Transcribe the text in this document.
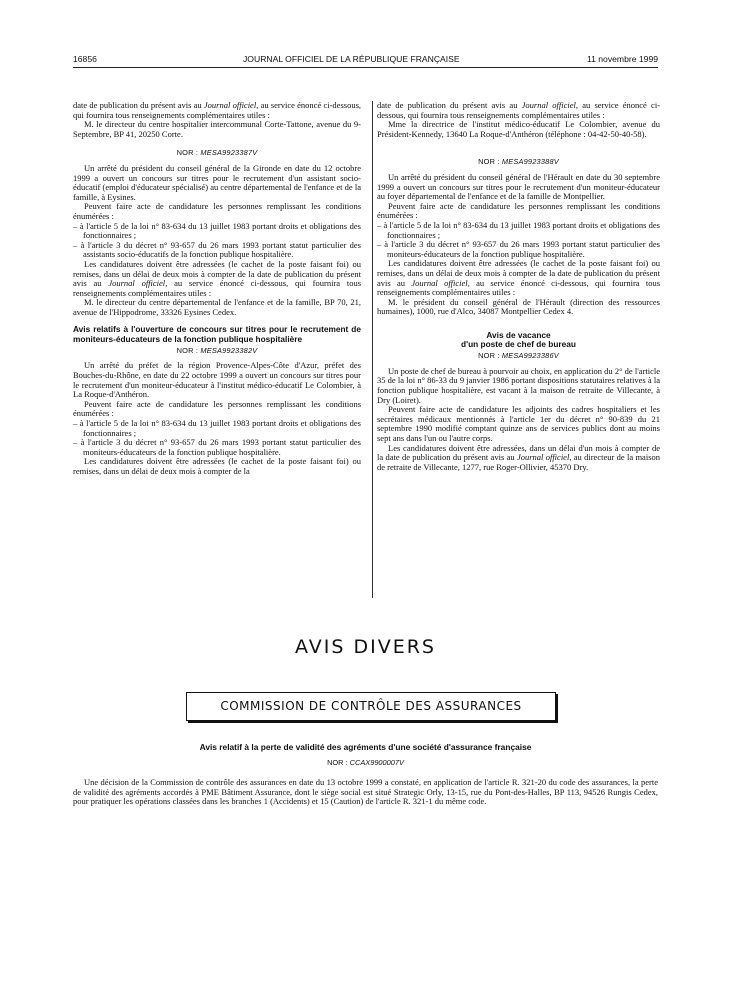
16856	JOURNAL OFFICIEL DE LA RÉPUBLIQUE FRANÇAISE	11 novembre 1999

date de publication du présent avis au Journal officiel, au service énoncé ci-dessous, qui fournira tous renseignements complémentaires utiles :

M. le directeur du centre hospitalier intercommunal Corte-Tattone, avenue du 9-Septembre, BP 41, 20250 Corte.

NOR : MESA9923387V

Un arrêté du président du conseil général de la Gironde en date du 12 octobre 1999 a ouvert un concours sur titres pour le recrutement d'un assistant socio-éducatif (emploi d'éducateur spécialisé) au centre départemental de l'enfance et de la famille, à Eysines.

Peuvent faire acte de candidature les personnes remplissant les conditions énumérées :

– à l'article 5 de la loi n° 83-634 du 13 juillet 1983 portant droits et obligations des fonctionnaires ;

– à l'article 3 du décret n° 93-657 du 26 mars 1993 portant statut particulier des assistants socio-éducatifs de la fonction publique hospitalière.

Les candidatures doivent être adressées (le cachet de la poste faisant foi) ou remises, dans un délai de deux mois à compter de la date de publication du présent avis au Journal officiel, au service énoncé ci-dessous, qui fournira tous renseignements complémentaires utiles :

M. le directeur du centre départemental de l'enfance et de la famille, BP 70, 21, avenue de l'Hippodrome, 33326 Eysines Cedex.

Avis relatifs à l'ouverture de concours sur titres pour le recrutement de moniteurs-éducateurs de la fonction publique hospitalière

NOR : MESA9923382V

Un arrêté du préfet de la région Provence-Alpes-Côte d'Azur, préfet des Bouches-du-Rhône, en date du 22 octobre 1999 a ouvert un concours sur titres pour le recrutement d'un moniteur-éducateur à l'institut médico-éducatif Le Colombier, à La Roque-d'Anthéron.

Peuvent faire acte de candidature les personnes remplissant les conditions énumérées :

– à l'article 5 de la loi n° 83-634 du 13 juillet 1983 portant droits et obligations des fonctionnaires ;

– à l'article 3 du décret n° 93-657 du 26 mars 1993 portant statut particulier des moniteurs-éducateurs de la fonction publique hospitalière.

Les candidatures doivent être adressées (le cachet de la poste faisant foi) ou remises, dans un délai de deux mois à compter de la

date de publication du présent avis au Journal officiel, au service énoncé ci-dessous, qui fournira tous renseignements complémentaires utiles :

Mme la directrice de l'institut médico-éducatif Le Colombier, avenue du Président-Kennedy, 13640 La Roque-d'Anthéron (téléphone : 04-42-50-40-58).

NOR : MESA9923388V

Un arrêté du président du conseil général de l'Hérault en date du 30 septembre 1999 a ouvert un concours sur titres pour le recrutement d'un moniteur-éducateur au foyer départemental de l'enfance et de la famille de Montpellier.

Peuvent faire acte de candidature les personnes remplissant les conditions énumérées :

– à l'article 5 de la loi n° 83-634 du 13 juillet 1983 portant droits et obligations des fonctionnaires ;

– à l'article 3 du décret n° 93-657 du 26 mars 1993 portant statut particulier des moniteurs-éducateurs de la fonction publique hospitalière.

Les candidatures doivent être adressées (le cachet de la poste faisant foi) ou remises, dans un délai de deux mois à compter de la date de publication du présent avis au Journal officiel, au service énoncé ci-dessous, qui fournira tous renseignements complémentaires utiles :

M. le président du conseil général de l'Hérault (direction des ressources humaines), 1000, rue d'Alco, 34087 Montpellier Cedex 4.

Avis de vacance
d'un poste de chef de bureau

NOR : MESA9923386V

Un poste de chef de bureau à pourvoir au choix, en application du 2° de l'article 35 de la loi n° 86-33 du 9 janvier 1986 portant dispositions statutaires relatives à la fonction publique hospitalière, est vacant à la maison de retraite de Villecante, à Dry (Loiret).

Peuvent faire acte de candidature les adjoints des cadres hospitaliers et les secrétaires médicaux mentionnés à l'article 1er du décret n° 90-839 du 21 septembre 1990 modifié comptant quinze ans de services publics dont au moins sept ans dans l'un ou l'autre corps.

Les candidatures doivent être adressées, dans un délai d'un mois à compter de la date de publication du présent avis au Journal officiel, au directeur de la maison de retraite de Villecante, 1277, rue Roger-Ollivier, 45370 Dry.

AVIS DIVERS
COMMISSION DE CONTRÔLE DES ASSURANCES
Avis relatif à la perte de validité des agréments d'une société d'assurance française
NOR : CCAX9900007V

Une décision de la Commission de contrôle des assurances en date du 13 octobre 1999 a constaté, en application de l'article R. 321-20 du code des assurances, la perte de validité des agréments accordés à PME Bâtiment Assurance, dont le siège social est situé Strategic Orly, 13-15, rue du Pont-des-Halles, BP 113, 94526 Rungis Cedex, pour pratiquer les opérations classées dans les branches 1 (Accidents) et 15 (Caution) de l'article R. 321-1 du même code.
